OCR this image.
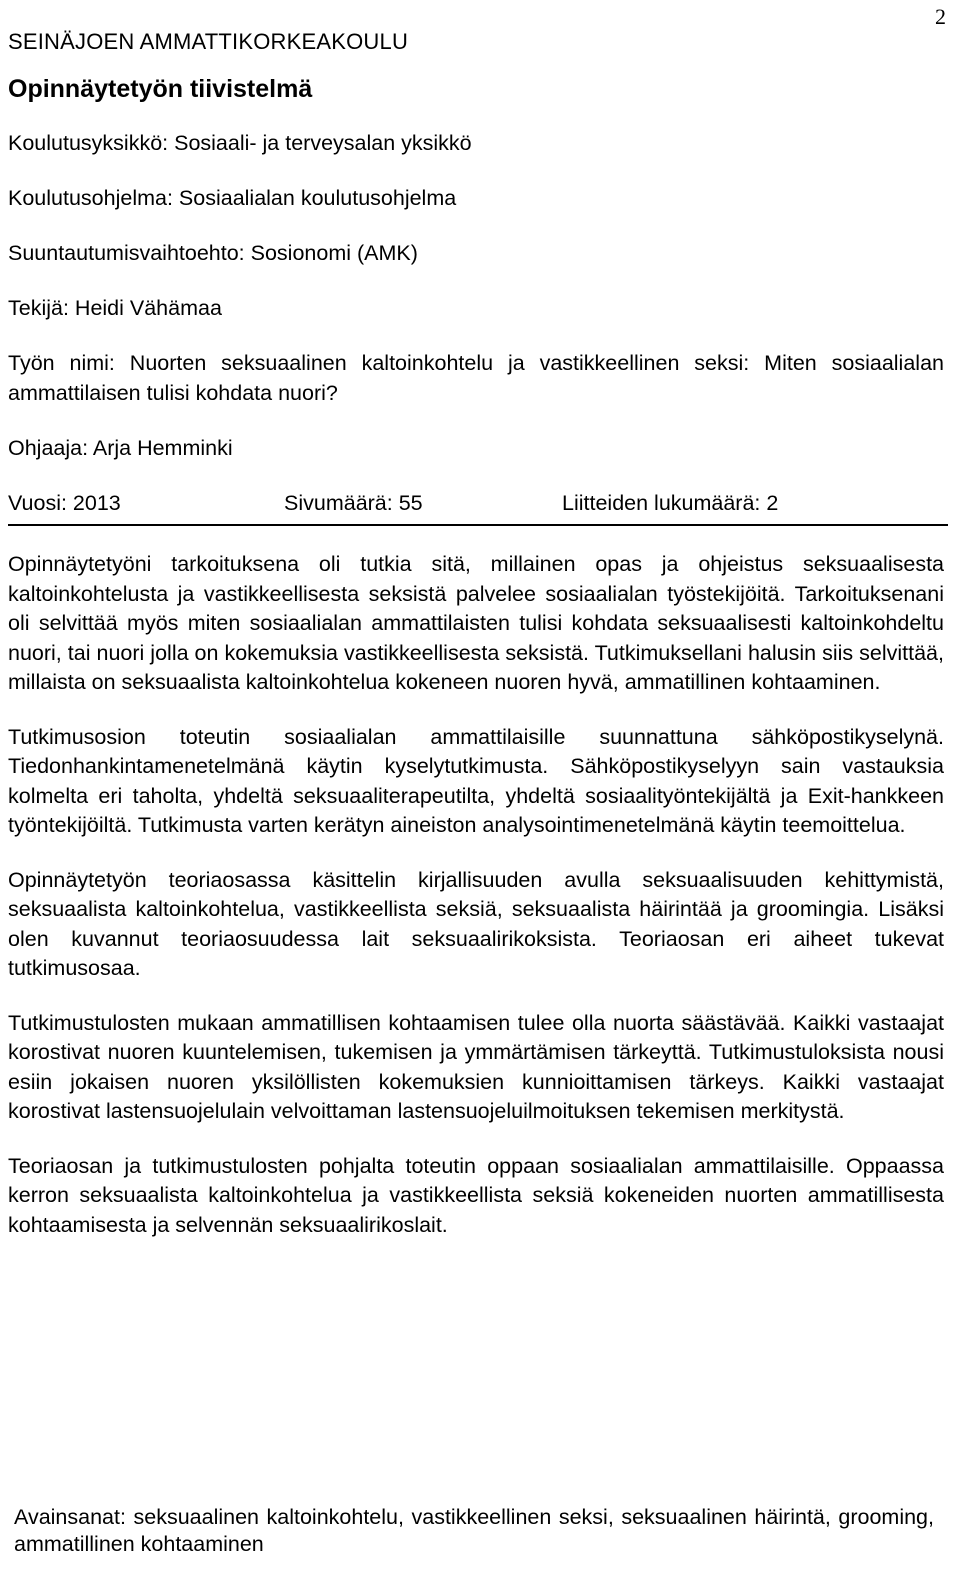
2
SEINÄJOEN AMMATTIKORKEAKOULU
Opinnäytetyön tiivistelmä
Koulutusyksikkö: Sosiaali- ja terveysalan yksikkö
Koulutusohjelma: Sosiaalialan koulutusohjelma
Suuntautumisvaihtoehto: Sosionomi (AMK)
Tekijä: Heidi Vähämaa
Työn nimi: Nuorten seksuaalinen kaltoinkohtelu ja vastikkeellinen seksi: Miten sosiaalialan ammattilaisen tulisi kohdata nuori?
Ohjaaja: Arja Hemminki
Vuosi: 2013	Sivumäärä: 55	Liitteiden lukumäärä: 2
Opinnäytetyöni tarkoituksena oli tutkia sitä, millainen opas ja ohjeistus seksuaalisesta kaltoinkohtelusta ja vastikkeellisesta seksistä palvelee sosiaalialan työstekijöitä. Tarkoituksenani oli selvittää myös miten sosiaalialan ammattilaisten tulisi kohdata seksuaalisesti kaltoinkohdeltu nuori, tai nuori jolla on kokemuksia vastikkeellisesta seksistä. Tutkimuksellani halusin siis selvittää, millaista on seksuaalista kaltoinkohtelua kokeneen nuoren hyvä, ammatillinen kohtaaminen.
Tutkimusosion toteutin sosiaalialan ammattilaisille suunnattuna sähköpostikyselynä. Tiedonhankintamenetelmänä käytin kyselytutkimusta. Sähköpostikyselyyn sain vastauksia kolmelta eri taholta, yhdeltä seksuaaliterapeutilta, yhdeltä sosiaalityöntekijältä ja Exit-hankkeen työntekijöiltä. Tutkimusta varten kerätyn aineiston analysointimenetelmänä käytin teemoittelua.
Opinnäytetyön teoriaosassa käsittelin kirjallisuuden avulla seksuaalisuuden kehittymistä, seksuaalista kaltoinkohtelua, vastikkeellista seksiä, seksuaalista häirintää ja groomingia. Lisäksi olen kuvannut teoriaosuudessa lait seksuaalirikoksista. Teoriaosan eri aiheet tukevat tutkimusosaa.
Tutkimustulosten mukaan ammatillisen kohtaamisen tulee olla nuorta säästävää. Kaikki vastaajat korostivat nuoren kuuntelemisen, tukemisen ja ymmärtämisen tärkeyttä. Tutkimustuloksista nousi esiin jokaisen nuoren yksilöllisten kokemuksien kunnioittamisen tärkeys. Kaikki vastaajat korostivat lastensuojelulain velvoittaman lastensuojeluilmoituksen tekemisen merkitystä.
Teoriaosan ja tutkimustulosten pohjalta toteutin oppaan sosiaalialan ammattilaisille. Oppaassa kerron seksuaalista kaltoinkohtelua ja vastikkeellista seksiä kokeneiden nuorten ammatillisesta kohtaamisesta ja selvennän seksuaalirikoslait.
Avainsanat: seksuaalinen kaltoinkohtelu, vastikkeellinen seksi, seksuaalinen häirintä, grooming, ammatillinen kohtaaminen
